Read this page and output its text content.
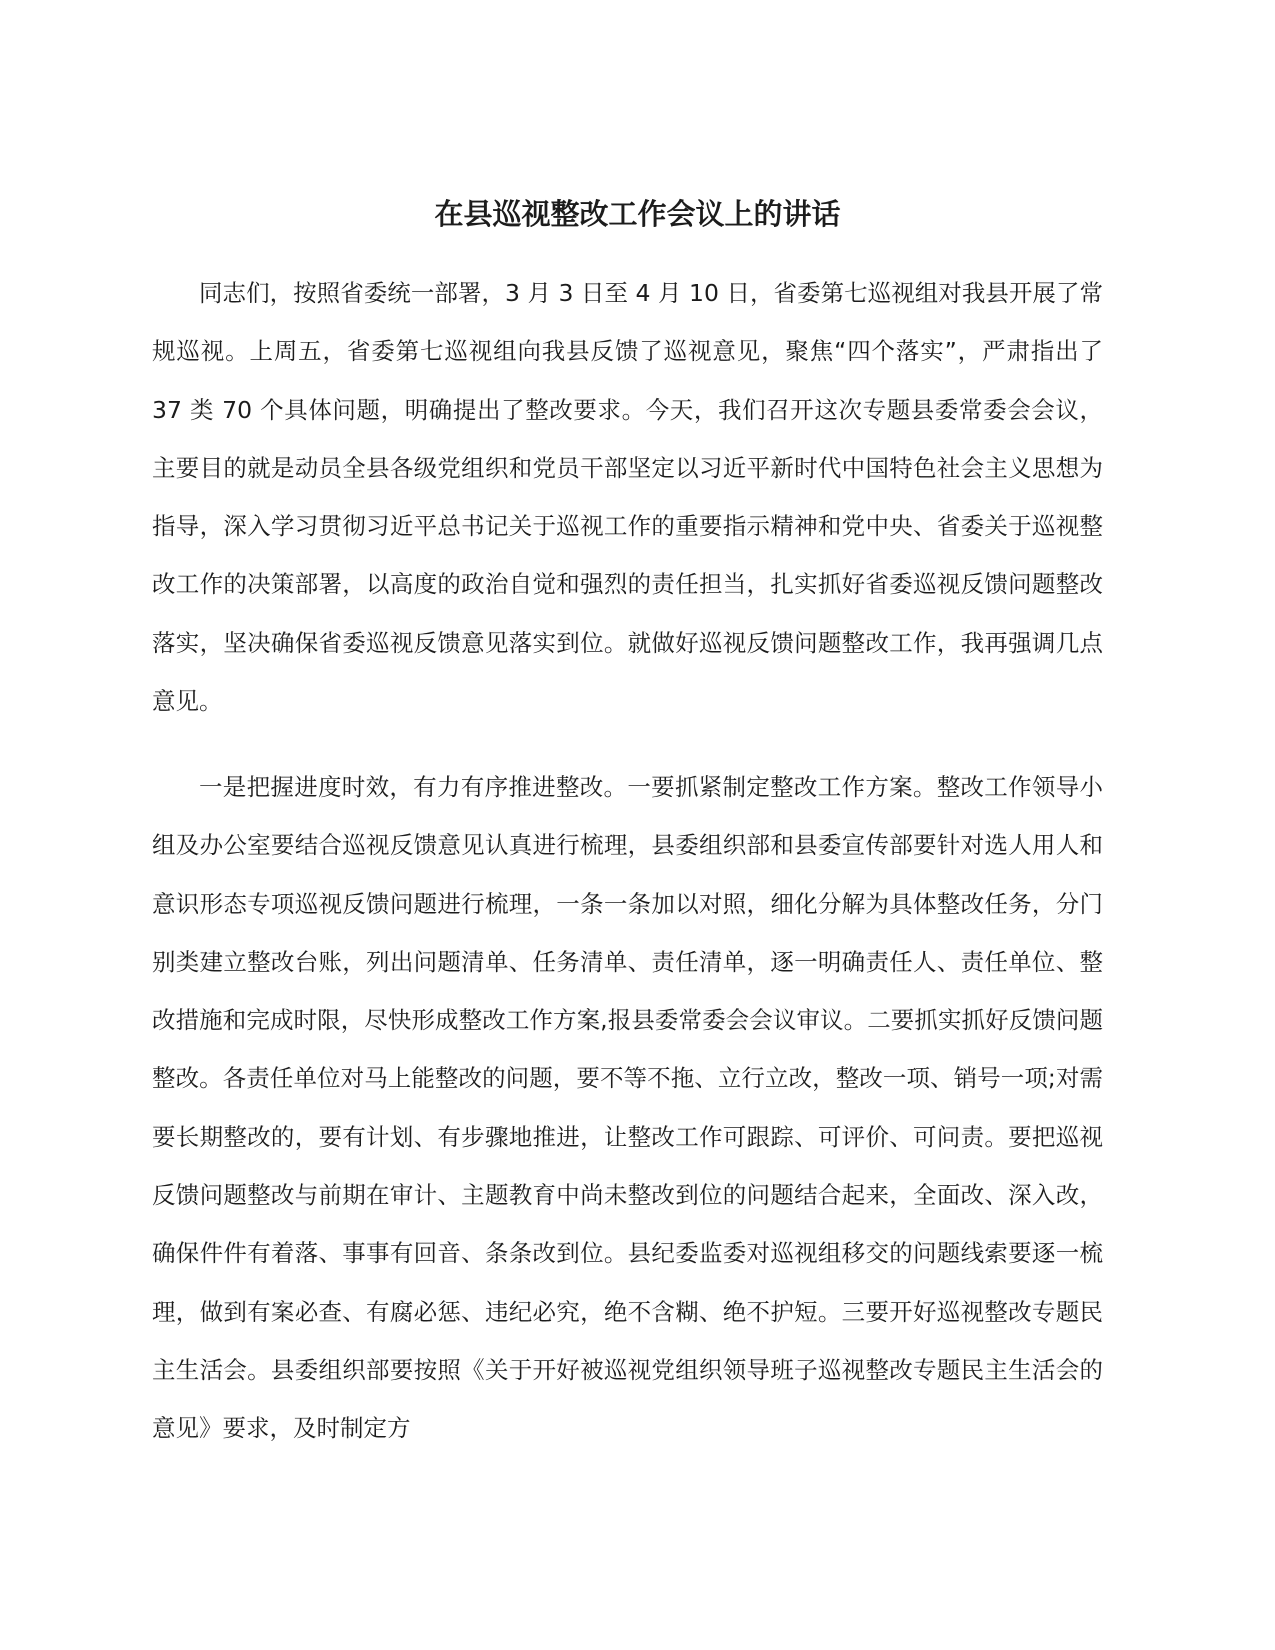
在县巡视整改工作会议上的讲话

同志们，按照省委统一部署，3 月 3 日至 4 月 10 日，省委第七巡视组对我县开展了常规巡视。上周五，省委第七巡视组向我县反馈了巡视意见，聚焦“四个落实”，严肃指出了 37 类 70 个具体问题，明确提出了整改要求。今天，我们召开这次专题县委常委会会议，主要目的就是动员全县各级党组织和党员干部坚定以习近平新时代中国特色社会主义思想为指导，深入学习贯彻习近平总书记关于巡视工作的重要指示精神和党中央、省委关于巡视整改工作的决策部署，以高度的政治自觉和强烈的责任担当，扎实抓好省委巡视反馈问题整改落实，坚决确保省委巡视反馈意见落实到位。就做好巡视反馈问题整改工作，我再强调几点意见。

一是把握进度时效，有力有序推进整改。一要抓紧制定整改工作方案。整改工作领导小组及办公室要结合巡视反馈意见认真进行梳理，县委组织部和县委宣传部要针对选人用人和意识形态专项巡视反馈问题进行梳理，一条一条加以对照，细化分解为具体整改任务，分门别类建立整改台账，列出问题清单、任务清单、责任清单，逐一明确责任人、责任单位、整改措施和完成时限，尽快形成整改工作方案,报县委常委会会议审议。二要抓实抓好反馈问题整改。各责任单位对马上能整改的问题，要不等不拖、立行立改，整改一项、销号一项;对需要长期整改的，要有计划、有步骤地推进，让整改工作可跟踪、可评价、可问责。要把巡视反馈问题整改与前期在审计、主题教育中尚未整改到位的问题结合起来，全面改、深入改，确保件件有着落、事事有回音、条条改到位。县纪委监委对巡视组移交的问题线索要逐一梳理，做到有案必查、有腐必惩、违纪必究，绝不含糊、绝不护短。三要开好巡视整改专题民主生活会。县委组织部要按照《关于开好被巡视党组织领导班子巡视整改专题民主生活会的意见》要求，及时制定方
